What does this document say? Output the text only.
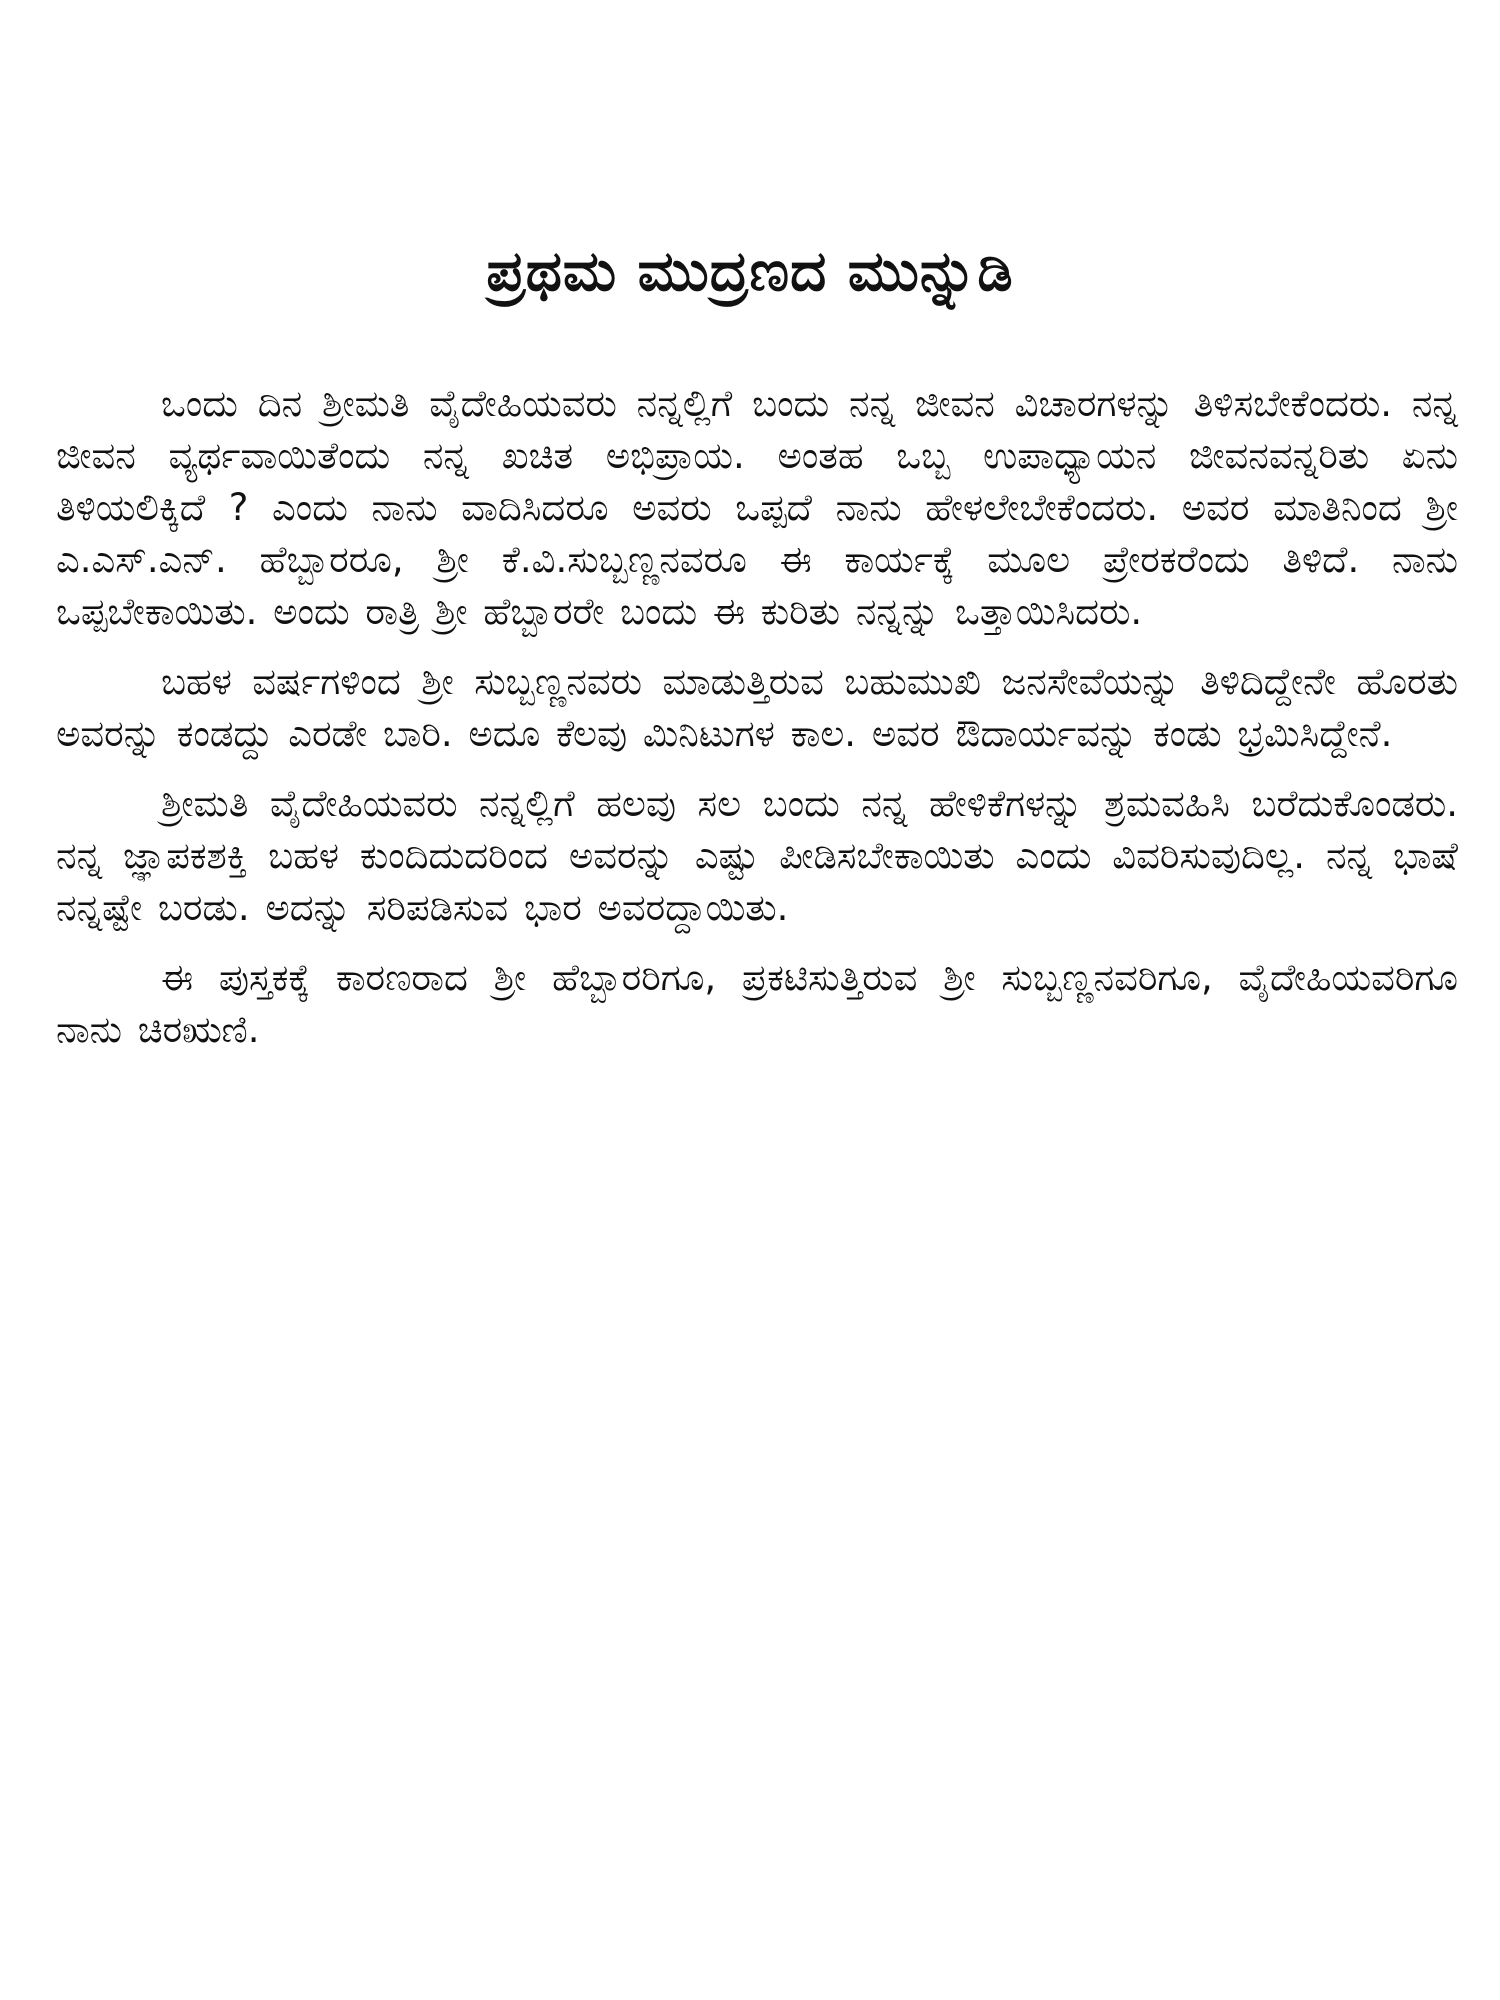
ಪ್ರಥಮ ಮುದ್ರಣದ ಮುನ್ನುಡಿ

ಒಂದು ದಿನ ಶ್ರೀಮತಿ ವೈದೇಹಿಯವರು ನನ್ನಲ್ಲಿಗೆ ಬಂದು ನನ್ನ ಜೀವನ ವಿಚಾರಗಳನ್ನು ತಿಳಿಸಬೇಕೆಂದರು. ನನ್ನ ಜೀವನ ವ್ಯರ್ಥವಾಯಿತೆಂದು ನನ್ನ ಖಚಿತ ಅಭಿಪ್ರಾಯ. ಅಂತಹ ಒಬ್ಬ ಉಪಾಧ್ಯಾಯನ ಜೀವನವನ್ನರಿತು ಏನು ತಿಳಿಯಲಿಕ್ಕಿದೆ ? ಎಂದು ನಾನು ವಾದಿಸಿದರೂ ಅವರು ಒಪ್ಪದೆ ನಾನು ಹೇಳಲೇಬೇಕೆಂದರು. ಅವರ ಮಾತಿನಿಂದ ಶ್ರೀ ಎ.ಎಸ್.ಎನ್. ಹೆಬ್ಬಾರರೂ, ಶ್ರೀ ಕೆ.ವಿ.ಸುಬ್ಬಣ್ಣನವರೂ ಈ ಕಾರ್ಯಕ್ಕೆ ಮೂಲ ಪ್ರೇರಕರೆಂದು ತಿಳಿದೆ. ನಾನು ಒಪ್ಪಬೇಕಾಯಿತು. ಅಂದು ರಾತ್ರಿ ಶ್ರೀ ಹೆಬ್ಬಾರರೇ ಬಂದು ಈ ಕುರಿತು ನನ್ನನ್ನು ಒತ್ತಾಯಿಸಿದರು.

ಬಹಳ ವರ್ಷಗಳಿಂದ ಶ್ರೀ ಸುಬ್ಬಣ್ಣನವರು ಮಾಡುತ್ತಿರುವ ಬಹುಮುಖಿ ಜನಸೇವೆಯನ್ನು ತಿಳಿದಿದ್ದೇನೇ ಹೊರತು ಅವರನ್ನು ಕಂಡದ್ದು ಎರಡೇ ಬಾರಿ. ಅದೂ ಕೆಲವು ಮಿನಿಟುಗಳ ಕಾಲ. ಅವರ ಔದಾರ್ಯವನ್ನು ಕಂಡು ಭ್ರಮಿಸಿದ್ದೇನೆ.

ಶ್ರೀಮತಿ ವೈದೇಹಿಯವರು ನನ್ನಲ್ಲಿಗೆ ಹಲವು ಸಲ ಬಂದು ನನ್ನ ಹೇಳಿಕೆಗಳನ್ನು ಶ್ರಮವಹಿಸಿ ಬರೆದುಕೊಂಡರು. ನನ್ನ ಜ್ಞಾಪಕಶಕ್ತಿ ಬಹಳ ಕುಂದಿದುದರಿಂದ ಅವರನ್ನು ಎಷ್ಟು ಪೀಡಿಸಬೇಕಾಯಿತು ಎಂದು ವಿವರಿಸುವುದಿಲ್ಲ. ನನ್ನ ಭಾಷೆ ನನ್ನಷ್ಟೇ ಬರಡು. ಅದನ್ನು ಸರಿಪಡಿಸುವ ಭಾರ ಅವರದ್ದಾಯಿತು.

ಈ ಪುಸ್ತಕಕ್ಕೆ ಕಾರಣರಾದ ಶ್ರೀ ಹೆಬ್ಬಾರರಿಗೂ, ಪ್ರಕಟಿಸುತ್ತಿರುವ ಶ್ರೀ ಸುಬ್ಬಣ್ಣನವರಿಗೂ, ವೈದೇಹಿಯವರಿಗೂ ನಾನು ಚಿರಋಣಿ.
